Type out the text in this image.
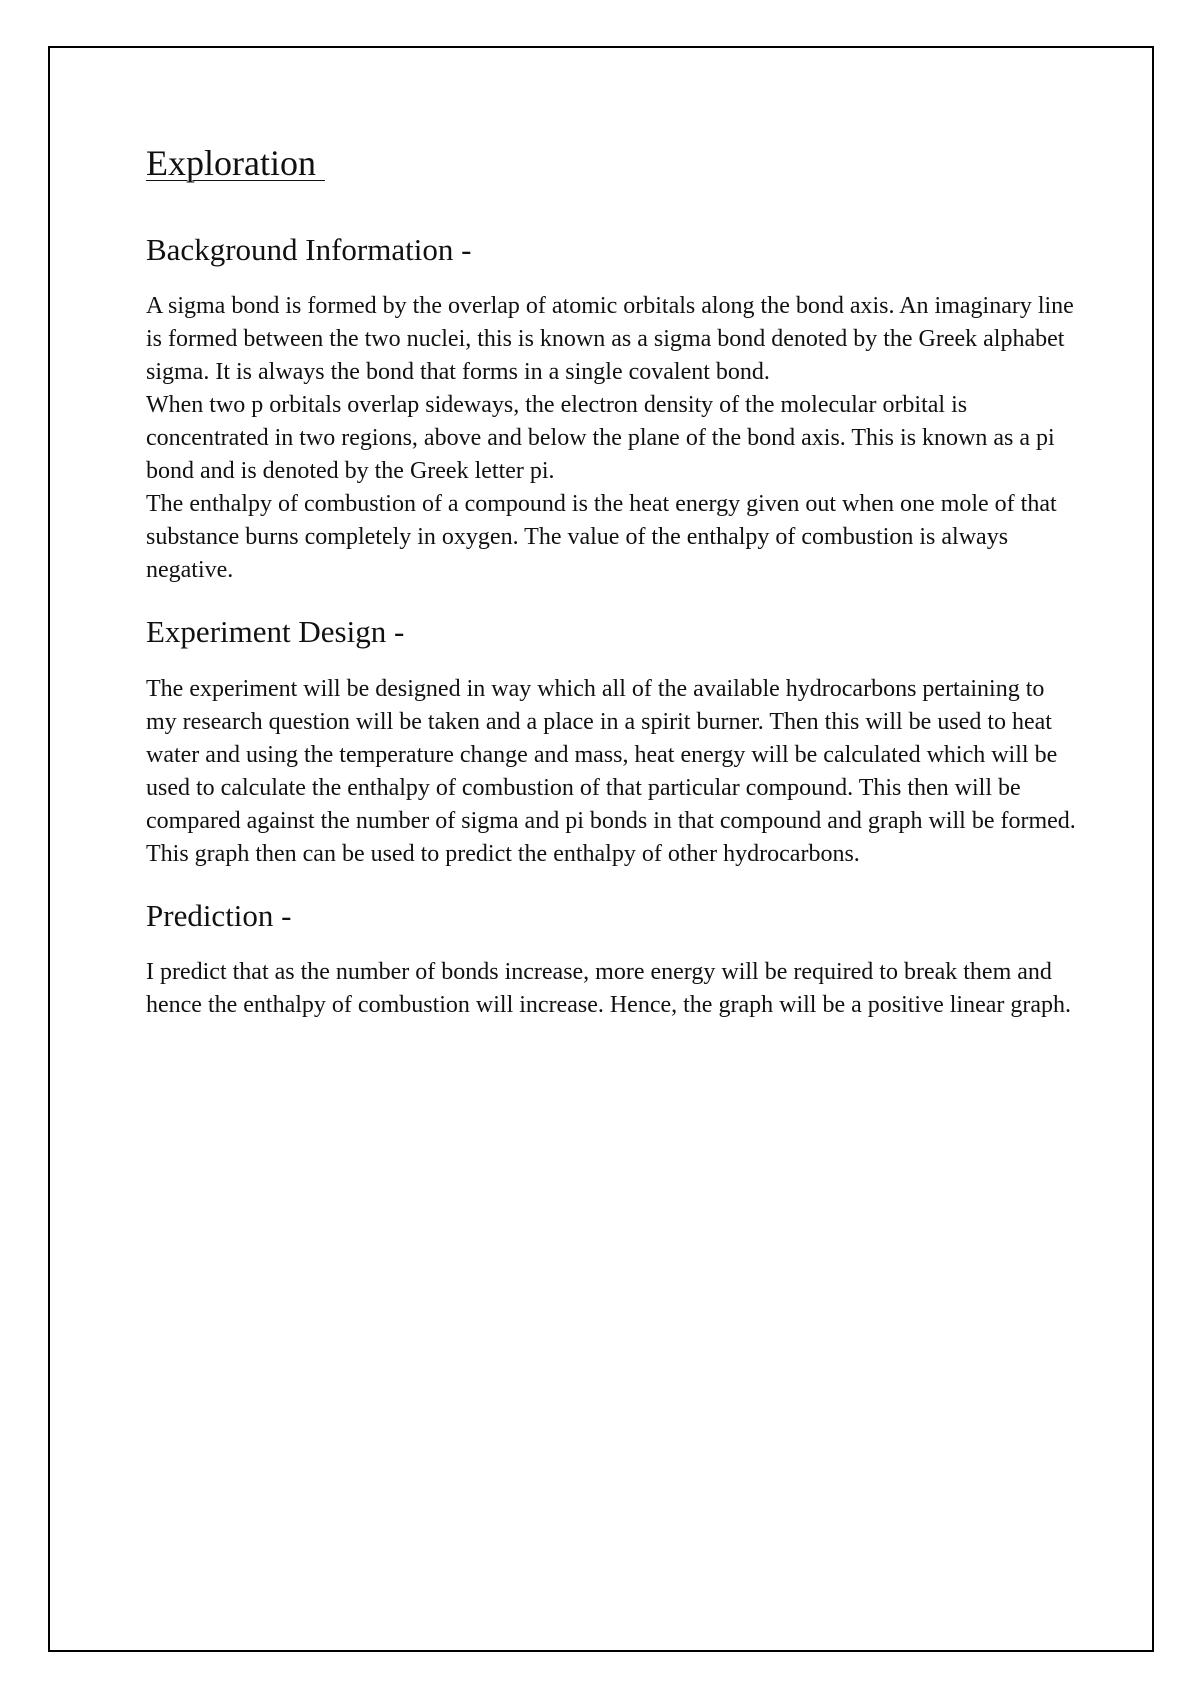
Exploration
Background Information -

A sigma bond is formed by the overlap of atomic orbitals along the bond axis. An imaginary line is formed between the two nuclei, this is known as a sigma bond denoted by the Greek alphabet sigma. It is always the bond that forms in a single covalent bond.

When two p orbitals overlap sideways, the electron density of the molecular orbital is concentrated in two regions, above and below the plane of the bond axis. This is known as a pi bond and is denoted by the Greek letter pi.

The enthalpy of combustion of a compound is the heat energy given out when one mole of that substance burns completely in oxygen. The value of the enthalpy of combustion is always negative.

Experiment Design -

The experiment will be designed in way which all of the available hydrocarbons pertaining to my research question will be taken and a place in a spirit burner. Then this will be used to heat water and using the temperature change and mass, heat energy will be calculated which will be used to calculate the enthalpy of combustion of that particular compound. This then will be compared against the number of sigma and pi bonds in that compound and graph will be formed. This graph then can be used to predict the enthalpy of other hydrocarbons.

Prediction -

I predict that as the number of bonds increase, more energy will be required to break them and hence the enthalpy of combustion will increase. Hence, the graph will be a positive linear graph.
